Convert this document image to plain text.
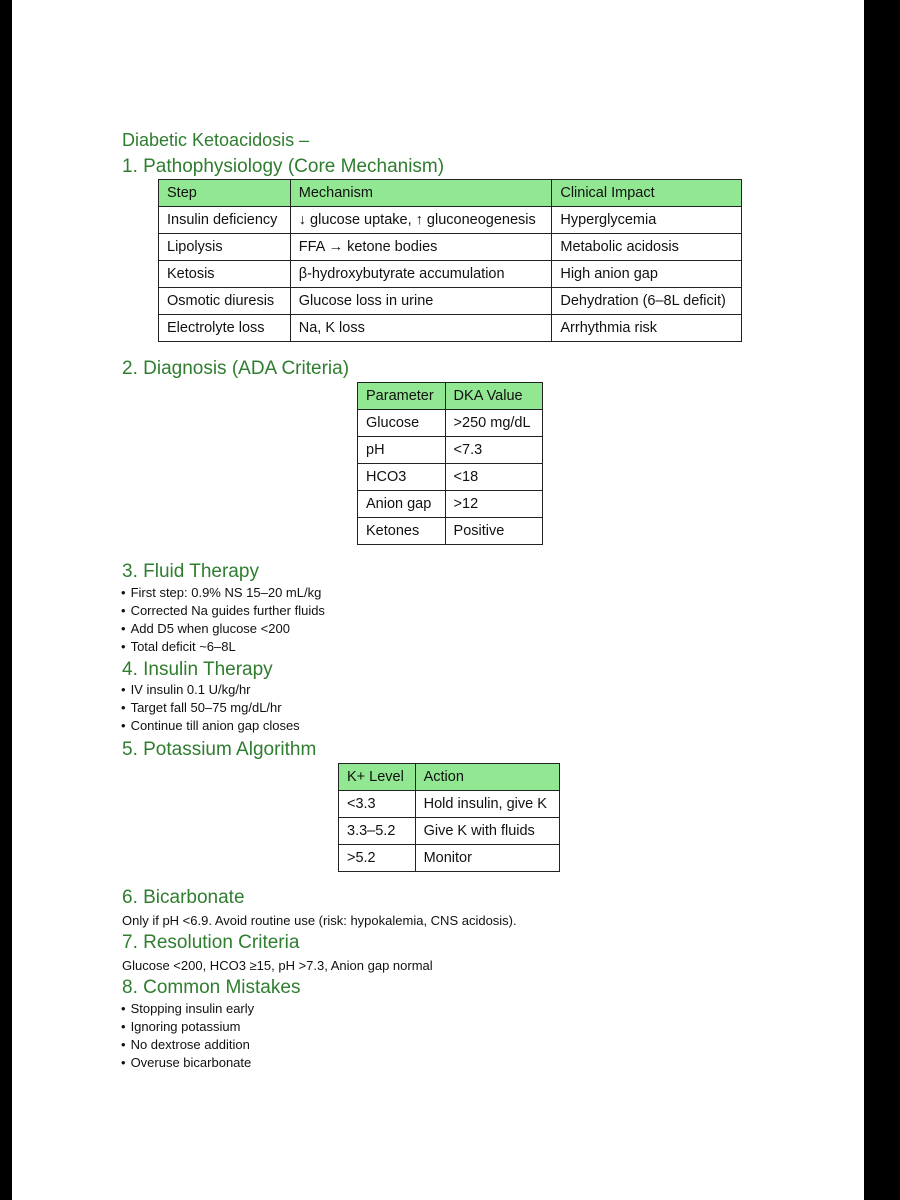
Diabetic Ketoacidosis –
1. Pathophysiology (Core Mechanism)
Step	Mechanism	Clinical Impact
Insulin deficiency	↓ glucose uptake, ↑ gluconeogenesis	Hyperglycemia
Lipolysis	FFA → ketone bodies	Metabolic acidosis
Ketosis	β-hydroxybutyrate accumulation	High anion gap
Osmotic diuresis	Glucose loss in urine	Dehydration (6–8L deficit)
Electrolyte loss	Na, K loss	Arrhythmia risk
2. Diagnosis (ADA Criteria)
Parameter	DKA Value
Glucose	>250 mg/dL
pH	<7.3
HCO3	<18
Anion gap	>12
Ketones	Positive
3. Fluid Therapy
• First step: 0.9% NS 15–20 mL/kg
• Corrected Na guides further fluids
• Add D5 when glucose <200
• Total deficit ~6–8L
4. Insulin Therapy
• IV insulin 0.1 U/kg/hr
• Target fall 50–75 mg/dL/hr
• Continue till anion gap closes
5. Potassium Algorithm
K+ Level	Action
<3.3	Hold insulin, give K
3.3–5.2	Give K with fluids
>5.2	Monitor
6. Bicarbonate
Only if pH <6.9. Avoid routine use (risk: hypokalemia, CNS acidosis).
7. Resolution Criteria
Glucose <200, HCO3 ≥15, pH >7.3, Anion gap normal
8. Common Mistakes
• Stopping insulin early
• Ignoring potassium
• No dextrose addition
• Overuse bicarbonate
